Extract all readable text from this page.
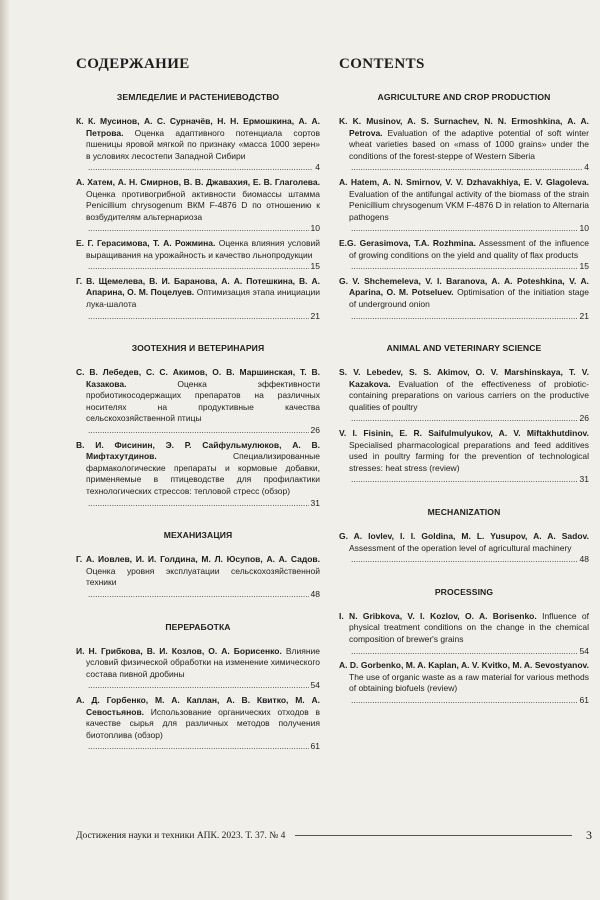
СОДЕРЖАНИЕ
ЗЕМЛЕДЕЛИЕ И РАСТЕНИЕВОДСТВО
К. К. Мусинов, А. С. Сурначёв, Н. Н. Ермошкина, А. А. Петрова. Оценка адаптивного потенциала сортов пшеницы яровой мягкой по признаку «масса 1000 зерен» в условиях лесостепи Западной Сибири
.....
4
А. Хатем, А. Н. Смирнов, В. В. Джавахия, Е. В. Глаголева. Оценка противогрибной активности биомассы штамма Penicillium chrysogenum ВКМ F-4876 D по отношению к возбудителям альтернариоза
.....
10
Е. Г. Герасимова, Т. А. Рожмина. Оценка влияния условий выращивания на урожайность и качество льнопродукции
.....
15
Г. В. Щемелева, В. И. Баранова, А. А. Потешкина, В. А. Апарина, О. М. Поцелуев. Оптимизация этапа инициации лука-шалота
.....
21
ЗООТЕХНИЯ И ВЕТЕРИНАРИЯ
С. В. Лебедев, С. С. Акимов, О. В. Маршинская, Т. В. Казакова. Оценка эффективности пробиотикосодержащих препаратов на различных носителях на продуктивные качества сельскохозяйственной птицы
.....
26
В. И. Фисинин, Э. Р. Сайфульмулюков, А. В. Мифтахутдинов. Специализированные фармакологические препараты и кормовые добавки, применяемые в птицеводстве для профилактики технологических стрессов: тепловой стресс (обзор)
.....
31
МЕХАНИЗАЦИЯ
Г. А. Иовлев, И. И. Голдина, М. Л. Юсупов, А. А. Садов. Оценка уровня эксплуатации сельскохозяйственной техники
.....
48
ПЕРЕРАБОТКА
И. Н. Грибкова, В. И. Козлов, О. А. Борисенко. Влияние условий физической обработки на изменение химического состава пивной дробины
.....
54
А. Д. Горбенко, М. А. Каплан, А. В. Квитко, М. А. Севостьянов. Использование органических отходов в качестве сырья для различных методов получения биотоплива (обзор)
.....
61
CONTENTS
AGRICULTURE AND CROP PRODUCTION
K. K. Musinov, A. S. Surnachev, N. N. Ermoshkina, A. A. Petrova. Evaluation of the adaptive potential of soft winter wheat varieties based on «mass of 1000 grains» under the conditions of the forest-steppe of Western Siberia
.....
4
A. Hatem, A. N. Smirnov, V. V. Dzhavakhiya, E. V. Glagoleva. Evaluation of the antifungal activity of the biomass of the strain Penicillium chrysogenum VKM F-4876 D in relation to Alternaria pathogens
.....
10
E.G. Gerasimova, T.A. Rozhmina. Assessment of the influence of growing conditions on the yield and quality of flax products
.....
15
G. V. Shchemeleva, V. I. Baranova, A. A. Poteshkina, V. A. Aparina, O. M. Potseluev. Optimisation of the initiation stage of underground onion
.....
21
ANIMAL AND VETERINARY SCIENCE
S. V. Lebedev, S. S. Akimov, O. V. Marshinskaya, T. V. Kazakova. Evaluation of the effectiveness of probiotic-containing preparations on various carriers on the productive qualities of poultry
.....
26
V. I. Fisinin, E. R. Saifulmulyukov, A. V. Miftakhutdinov. Specialised pharmacological preparations and feed additives used in poultry farming for the prevention of technological stresses: heat stress (review)
.....
31
MECHANIZATION
G. A. Iovlev, I. I. Goldina, M. L. Yusupov, A. A. Sadov. Assessment of the operation level of agricultural machinery
.....
48
PROCESSING
I. N. Gribkova, V. I. Kozlov, O. A. Borisenko. Influence of physical treatment conditions on the change in the chemical composition of brewer's grains
.....
54
A. D. Gorbenko, M. A. Kaplan, A. V. Kvitko, M. A. Sevostyanov. The use of organic waste as a raw material for various methods of obtaining biofuels (review)
.....
61
Достижения науки и техники АПК. 2023. Т. 37. № 4	3
